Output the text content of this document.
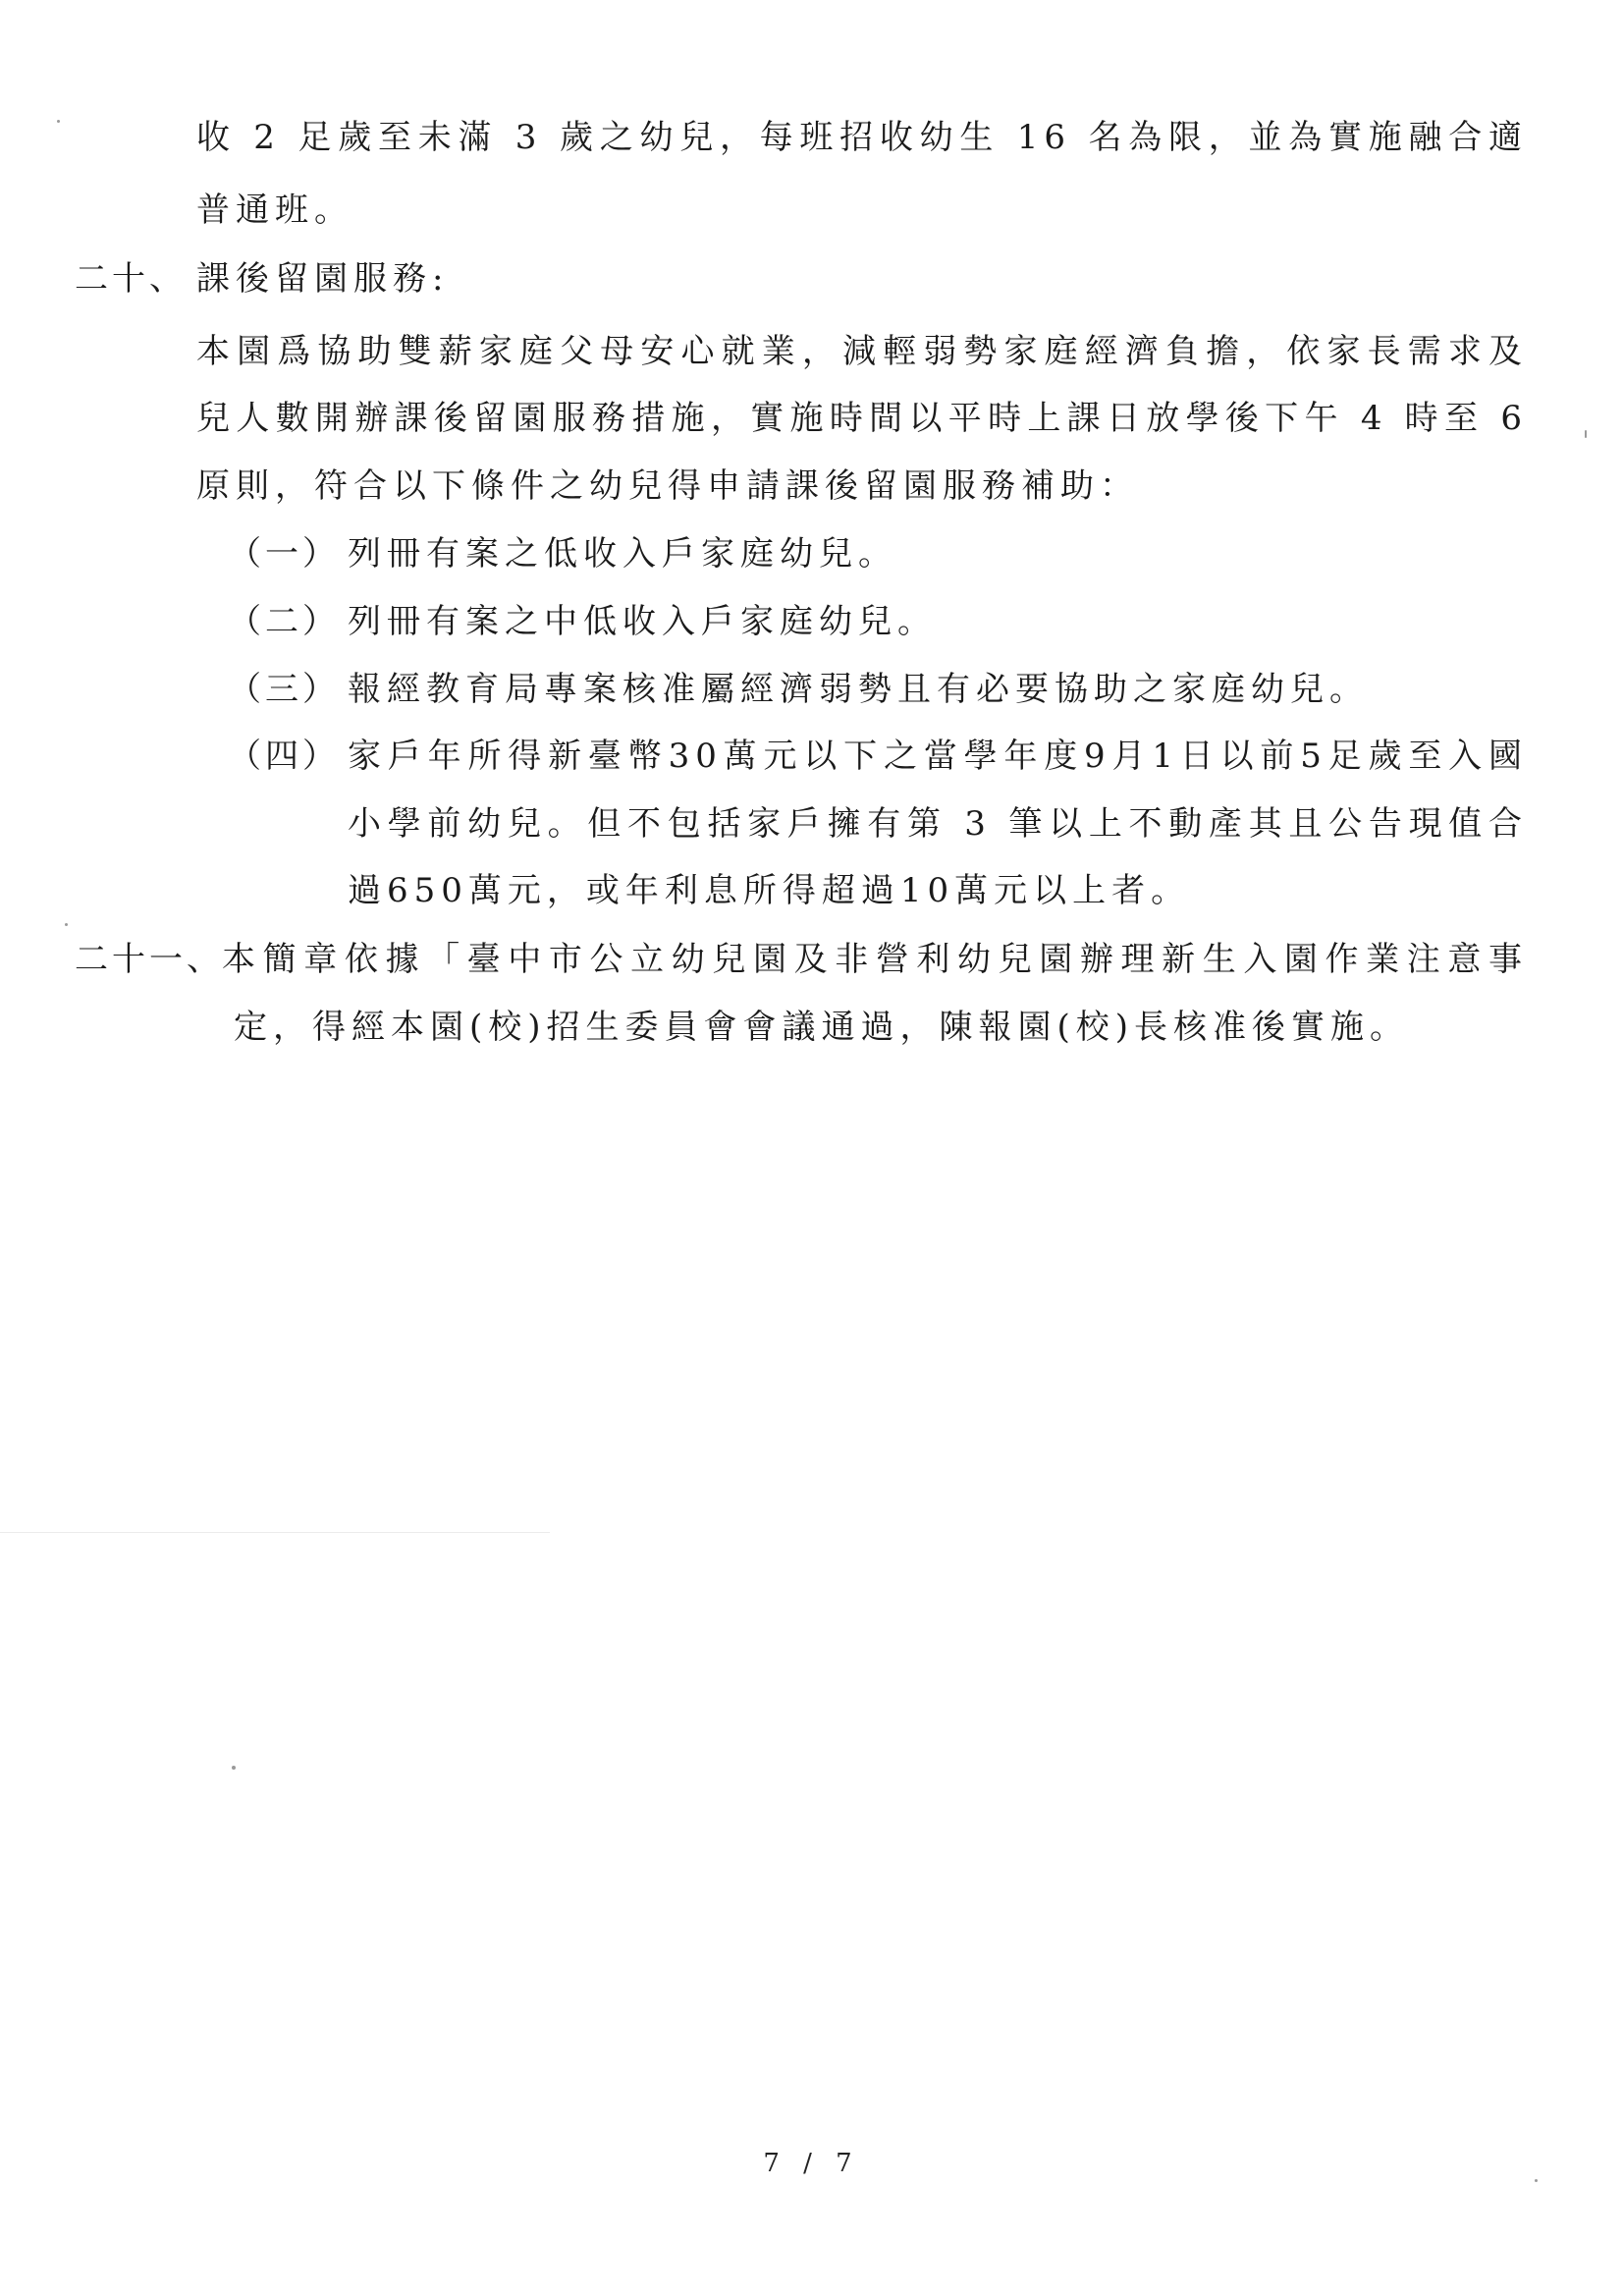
收 2 足歲至未滿 3 歲之幼兒，每班招收幼生 16 名為限，並為實施融合適
普通班。
二十、 課後留園服務:
本園爲協助雙薪家庭父母安心就業，減輕弱勢家庭經濟負擔，依家長需求及
兒人數開辦課後留園服務措施，實施時間以平時上課日放學後下午 4 時至 6
原則，符合以下條件之幼兒得申請課後留園服務補助：
（一） 列冊有案之低收入戶家庭幼兒。
（二） 列冊有案之中低收入戶家庭幼兒。
（三） 報經教育局專案核准屬經濟弱勢且有必要協助之家庭幼兒。
（四） 家戶年所得新臺幣30萬元以下之當學年度9月1日以前5足歲至入國
小學前幼兒。但不包括家戶擁有第 3 筆以上不動產其且公告現值合
過650萬元，或年利息所得超過10萬元以上者。
二十一、
本簡章依據「臺中市公立幼兒園及非營利幼兒園辦理新生入園作業注意事
定，得經本園(校)招生委員會會議通過，陳報園(校)長核准後實施。
7 / 7
